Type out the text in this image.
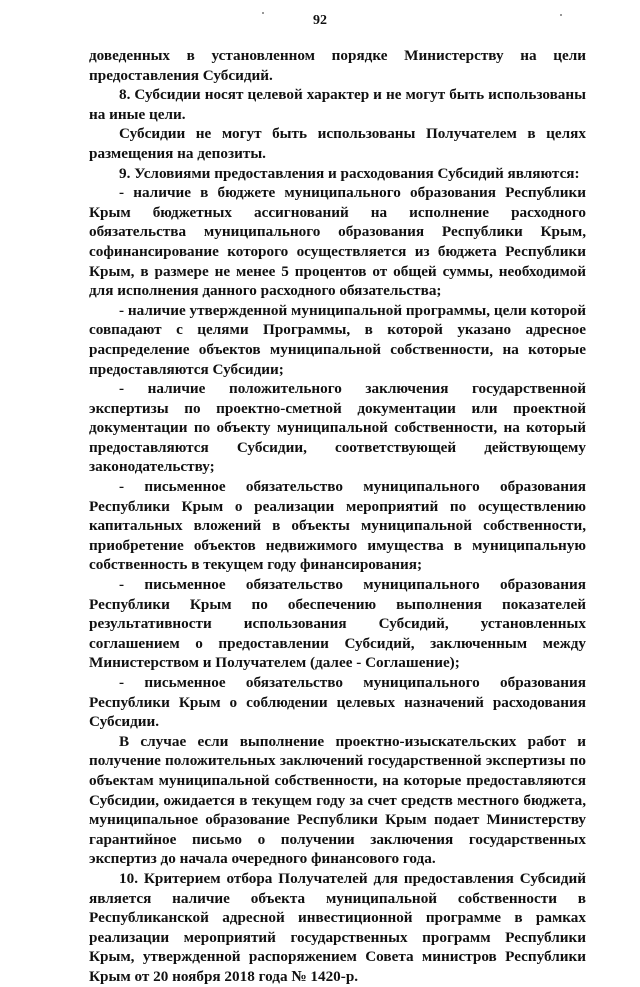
92

доведенных в установленном порядке Министерству на цели предоставления Субсидий.

8. Субсидии носят целевой характер и не могут быть использованы на иные цели.

Субсидии не могут быть использованы Получателем в целях размещения на депозиты.

9. Условиями предоставления и расходования Субсидий являются:

- наличие в бюджете муниципального образования Республики Крым бюджетных ассигнований на исполнение расходного обязательства муниципального образования Республики Крым, софинансирование которого осуществляется из бюджета Республики Крым, в размере не менее 5 процентов от общей суммы, необходимой для исполнения данного расходного обязательства;

- наличие утвержденной муниципальной программы, цели которой совпадают с целями Программы, в которой указано адресное распределение объектов муниципальной собственности, на которые предоставляются Субсидии;

- наличие положительного заключения государственной экспертизы по проектно-сметной документации или проектной документации по объекту муниципальной собственности, на который предоставляются Субсидии, соответствующей действующему законодательству;

- письменное обязательство муниципального образования Республики Крым о реализации мероприятий по осуществлению капитальных вложений в объекты муниципальной собственности, приобретение объектов недвижимого имущества в муниципальную собственность в текущем году финансирования;

- письменное обязательство муниципального образования Республики Крым по обеспечению выполнения показателей результативности использования Субсидий, установленных соглашением о предоставлении Субсидий, заключенным между Министерством и Получателем (далее - Соглашение);

- письменное обязательство муниципального образования Республики Крым о соблюдении целевых назначений расходования Субсидии.

В случае если выполнение проектно-изыскательских работ и получение положительных заключений государственной экспертизы по объектам муниципальной собственности, на которые предоставляются Субсидии, ожидается в текущем году за счет средств местного бюджета, муниципальное образование Республики Крым подает Министерству гарантийное письмо о получении заключения государственных экспертиз до начала очередного финансового года.

10. Критерием отбора Получателей для предоставления Субсидий является наличие объекта муниципальной собственности в Республиканской адресной инвестиционной программе в рамках реализации мероприятий государственных программ Республики Крым, утвержденной распоряжением Совета министров Республики Крым от 20 ноября 2018 года № 1420-р.
